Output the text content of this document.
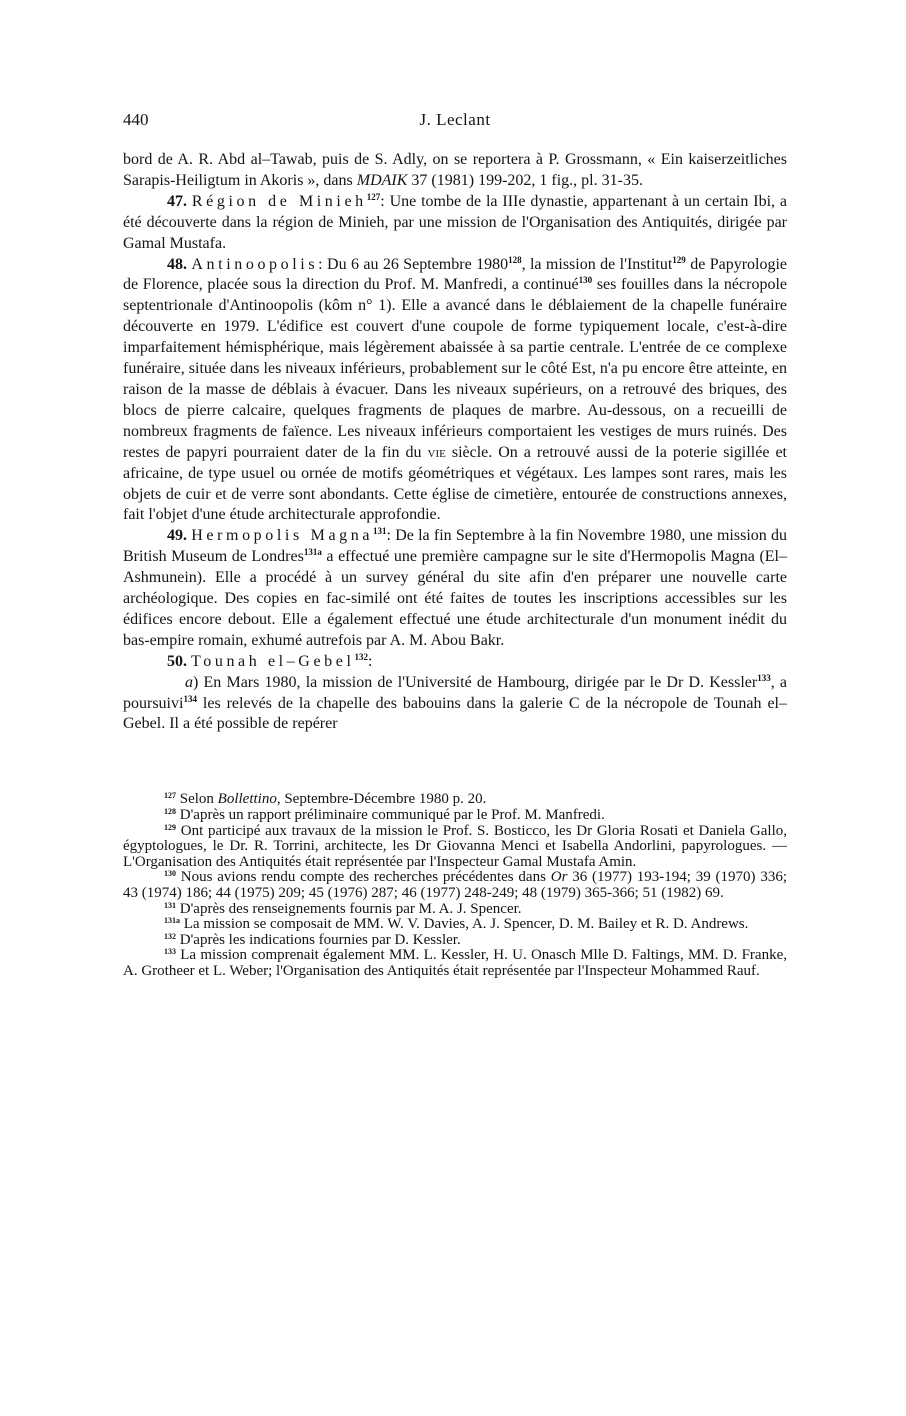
440	J. Leclant

bord de A. R. Abd al–Tawab, puis de S. Adly, on se reportera à P. Grossmann, « Ein kaiserzeitliches Sarapis-Heiligtum in Akoris », dans MDAIK 37 (1981) 199-202, 1 fig., pl. 31-35.

47. Région de Minieh$^{127}$: Une tombe de la IIIe dynastie, appartenant à un certain Ibi, a été découverte dans la région de Minieh, par une mission de l'Organisation des Antiquités, dirigée par Gamal Mustafa.

48. Antinoopolis: Du 6 au 26 Septembre 1980$^{128}$, la mission de l'Institut$^{129}$ de Papyrologie de Florence, placée sous la direction du Prof. M. Manfredi, a continué$^{130}$ ses fouilles dans la nécropole septentrionale d'Antinoopolis (kôm n° 1). Elle a avancé dans le déblaiement de la chapelle funéraire découverte en 1979. L'édifice est couvert d'une coupole de forme typiquement locale, c'est-à-dire imparfaitement hémisphérique, mais légèrement abaissée à sa partie centrale. L'entrée de ce complexe funéraire, située dans les niveaux inférieurs, probablement sur le côté Est, n'a pu encore être atteinte, en raison de la masse de déblais à évacuer. Dans les niveaux supérieurs, on a retrouvé des briques, des blocs de pierre calcaire, quelques fragments de plaques de marbre. Au-dessous, on a recueilli de nombreux fragments de faïence. Les niveaux inférieurs comportaient les vestiges de murs ruinés. Des restes de papyri pourraient dater de la fin du vie siècle. On a retrouvé aussi de la poterie sigillée et africaine, de type usuel ou ornée de motifs géométriques et végétaux. Les lampes sont rares, mais les objets de cuir et de verre sont abondants. Cette église de cimetière, entourée de constructions annexes, fait l'objet d'une étude architecturale approfondie.

49. Hermopolis Magna$^{131}$: De la fin Septembre à la fin Novembre 1980, une mission du British Museum de Londres$^{131a}$ a effectué une première campagne sur le site d'Hermopolis Magna (El–Ashmunein). Elle a procédé à un survey général du site afin d'en préparer une nouvelle carte archéologique. Des copies en fac-similé ont été faites de toutes les inscriptions accessibles sur les édifices encore debout. Elle a également effectué une étude architecturale d'un monument inédit du bas-empire romain, exhumé autrefois par A. M. Abou Bakr.

50. Tounah el–Gebel$^{132}$:

a) En Mars 1980, la mission de l'Université de Hambourg, dirigée par le Dr D. Kessler$^{133}$, a poursuivi$^{134}$ les relevés de la chapelle des babouins dans la galerie C de la nécropole de Tounah el–Gebel. Il a été possible de repérer

$^{127}$ Selon Bollettino, Septembre-Décembre 1980 p. 20.

$^{128}$ D'après un rapport préliminaire communiqué par le Prof. M. Manfredi.

$^{129}$ Ont participé aux travaux de la mission le Prof. S. Bosticco, les Dr Gloria Rosati et Daniela Gallo, égyptologues, le Dr. R. Torrini, architecte, les Dr Giovanna Menci et Isabella Andorlini, papyrologues. — L'Organisation des Antiquités était représentée par l'Inspecteur Gamal Mustafa Amin.

$^{130}$ Nous avions rendu compte des recherches précédentes dans Or 36 (1977) 193-194; 39 (1970) 336; 43 (1974) 186; 44 (1975) 209; 45 (1976) 287; 46 (1977) 248-249; 48 (1979) 365-366; 51 (1982) 69.

$^{131}$ D'après des renseignements fournis par M. A. J. Spencer.

$^{131a}$ La mission se composait de MM. W. V. Davies, A. J. Spencer, D. M. Bailey et R. D. Andrews.

$^{132}$ D'après les indications fournies par D. Kessler.

$^{133}$ La mission comprenait également MM. L. Kessler, H. U. Onasch Mlle D. Faltings, MM. D. Franke, A. Grotheer et L. Weber; l'Organisation des Antiquités était représentée par l'Inspecteur Mohammed Rauf.
